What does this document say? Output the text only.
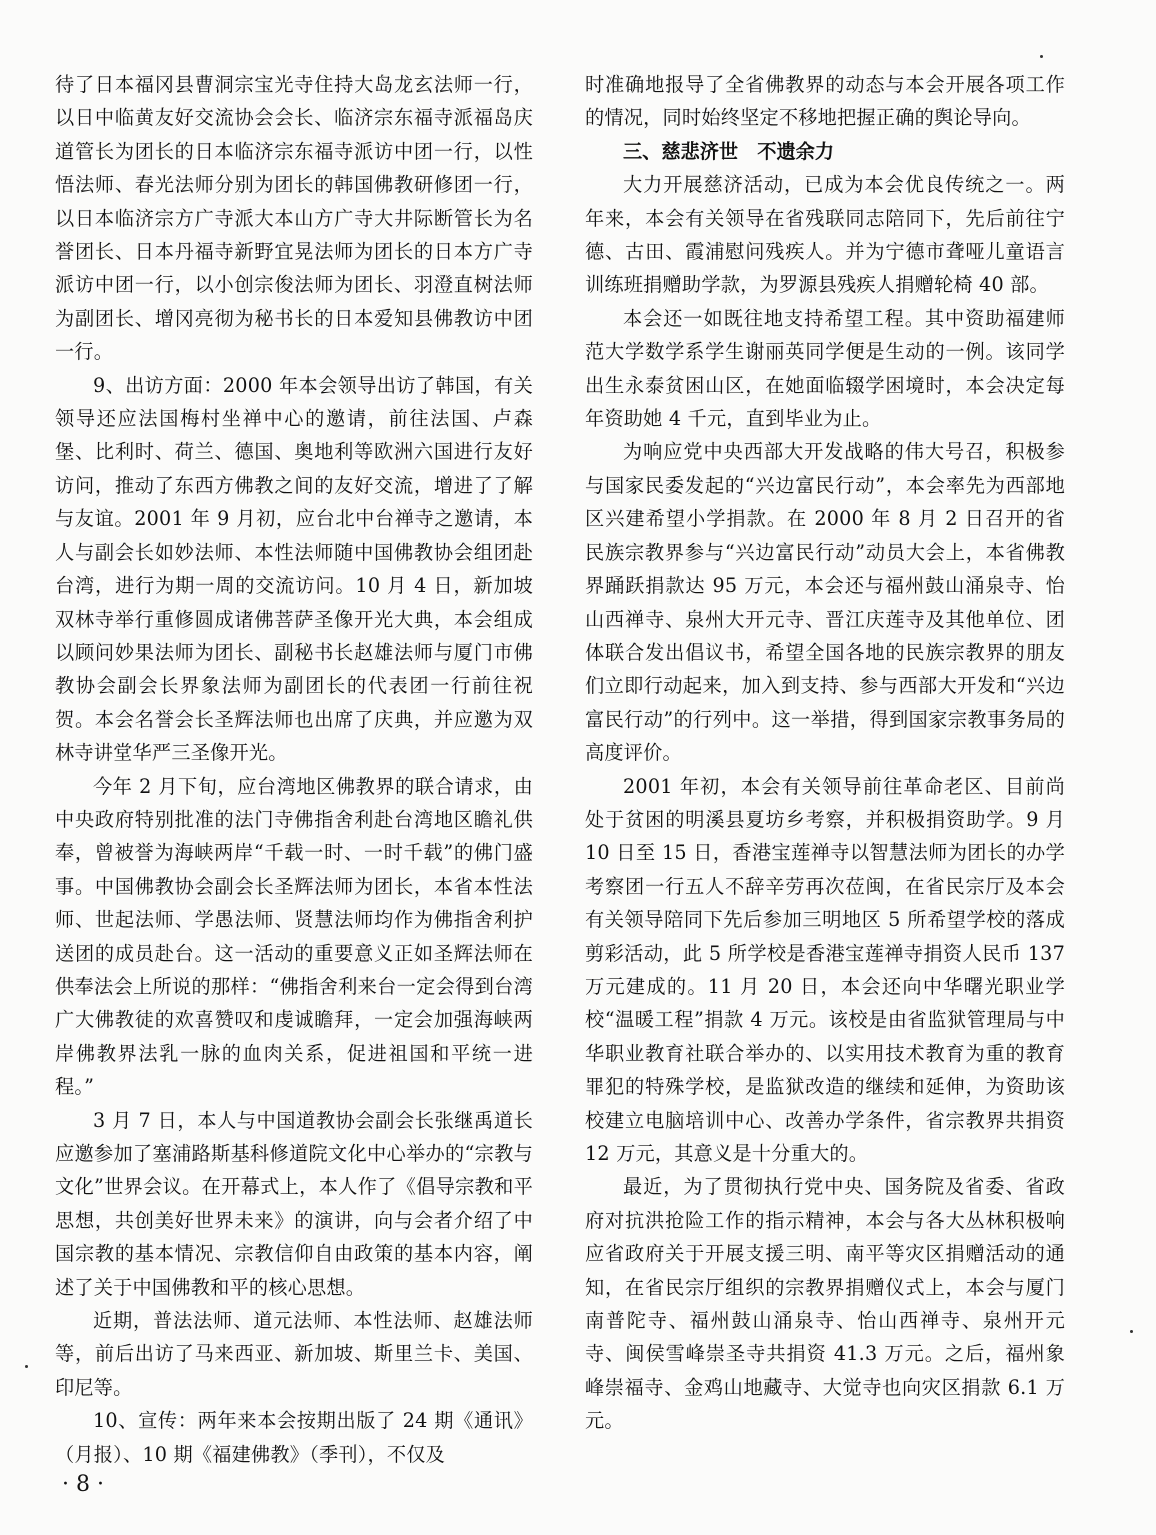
待了日本福冈县曹洞宗宝光寺住持大岛龙玄法师一行，以日中临黄友好交流协会会长、临济宗东福寺派福岛庆道管长为团长的日本临济宗东福寺派访中团一行，以性悟法师、春光法师分别为团长的韩国佛教研修团一行，以日本临济宗方广寺派大本山方广寺大井际断管长为名誉团长、日本丹福寺新野宜晃法师为团长的日本方广寺派访中团一行，以小创宗俊法师为团长、羽澄直树法师为副团长、增冈亮彻为秘书长的日本爱知县佛教访中团一行。

9、出访方面：2000 年本会领导出访了韩国，有关领导还应法国梅村坐禅中心的邀请，前往法国、卢森堡、比利时、荷兰、德国、奥地利等欧洲六国进行友好访问，推动了东西方佛教之间的友好交流，增进了了解与友谊。2001 年 9 月初，应台北中台禅寺之邀请，本人与副会长如妙法师、本性法师随中国佛教协会组团赴台湾，进行为期一周的交流访问。10 月 4 日，新加坡双林寺举行重修圆成诸佛菩萨圣像开光大典，本会组成以顾问妙果法师为团长、副秘书长赵雄法师与厦门市佛教协会副会长界象法师为副团长的代表团一行前往祝贺。本会名誉会长圣辉法师也出席了庆典，并应邀为双林寺讲堂华严三圣像开光。

今年 2 月下旬，应台湾地区佛教界的联合请求，由中央政府特别批准的法门寺佛指舍利赴台湾地区瞻礼供奉，曾被誉为海峡两岸“千载一时、一时千载”的佛门盛事。中国佛教协会副会长圣辉法师为团长，本省本性法师、世起法师、学愚法师、贤慧法师均作为佛指舍利护送团的成员赴台。这一活动的重要意义正如圣辉法师在供奉法会上所说的那样：“佛指舍利来台一定会得到台湾广大佛教徒的欢喜赞叹和虔诚瞻拜，一定会加强海峡两岸佛教界法乳一脉的血肉关系，促进祖国和平统一进程。”

3 月 7 日，本人与中国道教协会副会长张继禹道长应邀参加了塞浦路斯基科修道院文化中心举办的“宗教与文化”世界会议。在开幕式上，本人作了《倡导宗教和平思想，共创美好世界未来》的演讲，向与会者介绍了中国宗教的基本情况、宗教信仰自由政策的基本内容，阐述了关于中国佛教和平的核心思想。

近期，普法法师、道元法师、本性法师、赵雄法师等，前后出访了马来西亚、新加坡、斯里兰卡、美国、印尼等。

10、宣传：两年来本会按期出版了 24 期《通讯》（月报）、10 期《福建佛教》（季刊），不仅及

时准确地报导了全省佛教界的动态与本会开展各项工作的情况，同时始终坚定不移地把握正确的舆论导向。

三、慈悲济世　不遗余力

大力开展慈济活动，已成为本会优良传统之一。两年来，本会有关领导在省残联同志陪同下，先后前往宁德、古田、霞浦慰问残疾人。并为宁德市聋哑儿童语言训练班捐赠助学款，为罗源县残疾人捐赠轮椅 40 部。

本会还一如既往地支持希望工程。其中资助福建师范大学数学系学生谢丽英同学便是生动的一例。该同学出生永泰贫困山区，在她面临辍学困境时，本会决定每年资助她 4 千元，直到毕业为止。

为响应党中央西部大开发战略的伟大号召，积极参与国家民委发起的“兴边富民行动”，本会率先为西部地区兴建希望小学捐款。在 2000 年 8 月 2 日召开的省民族宗教界参与“兴边富民行动”动员大会上，本省佛教界踊跃捐款达 95 万元，本会还与福州鼓山涌泉寺、怡山西禅寺、泉州大开元寺、晋江庆莲寺及其他单位、团体联合发出倡议书，希望全国各地的民族宗教界的朋友们立即行动起来，加入到支持、参与西部大开发和“兴边富民行动”的行列中。这一举措，得到国家宗教事务局的高度评价。

2001 年初，本会有关领导前往革命老区、目前尚处于贫困的明溪县夏坊乡考察，并积极捐资助学。9 月 10 日至 15 日，香港宝莲禅寺以智慧法师为团长的办学考察团一行五人不辞辛劳再次莅闽，在省民宗厅及本会有关领导陪同下先后参加三明地区 5 所希望学校的落成剪彩活动，此 5 所学校是香港宝莲禅寺捐资人民币 137 万元建成的。11 月 20 日，本会还向中华曙光职业学校“温暖工程”捐款 4 万元。该校是由省监狱管理局与中华职业教育社联合举办的、以实用技术教育为重的教育罪犯的特殊学校，是监狱改造的继续和延伸，为资助该校建立电脑培训中心、改善办学条件，省宗教界共捐资 12 万元，其意义是十分重大的。

最近，为了贯彻执行党中央、国务院及省委、省政府对抗洪抢险工作的指示精神，本会与各大丛林积极响应省政府关于开展支援三明、南平等灾区捐赠活动的通知，在省民宗厅组织的宗教界捐赠仪式上，本会与厦门南普陀寺、福州鼓山涌泉寺、怡山西禅寺、泉州开元寺、闽侯雪峰崇圣寺共捐资 41.3 万元。之后，福州象峰崇福寺、金鸡山地藏寺、大觉寺也向灾区捐款 6.1 万元。

· 8 ·
